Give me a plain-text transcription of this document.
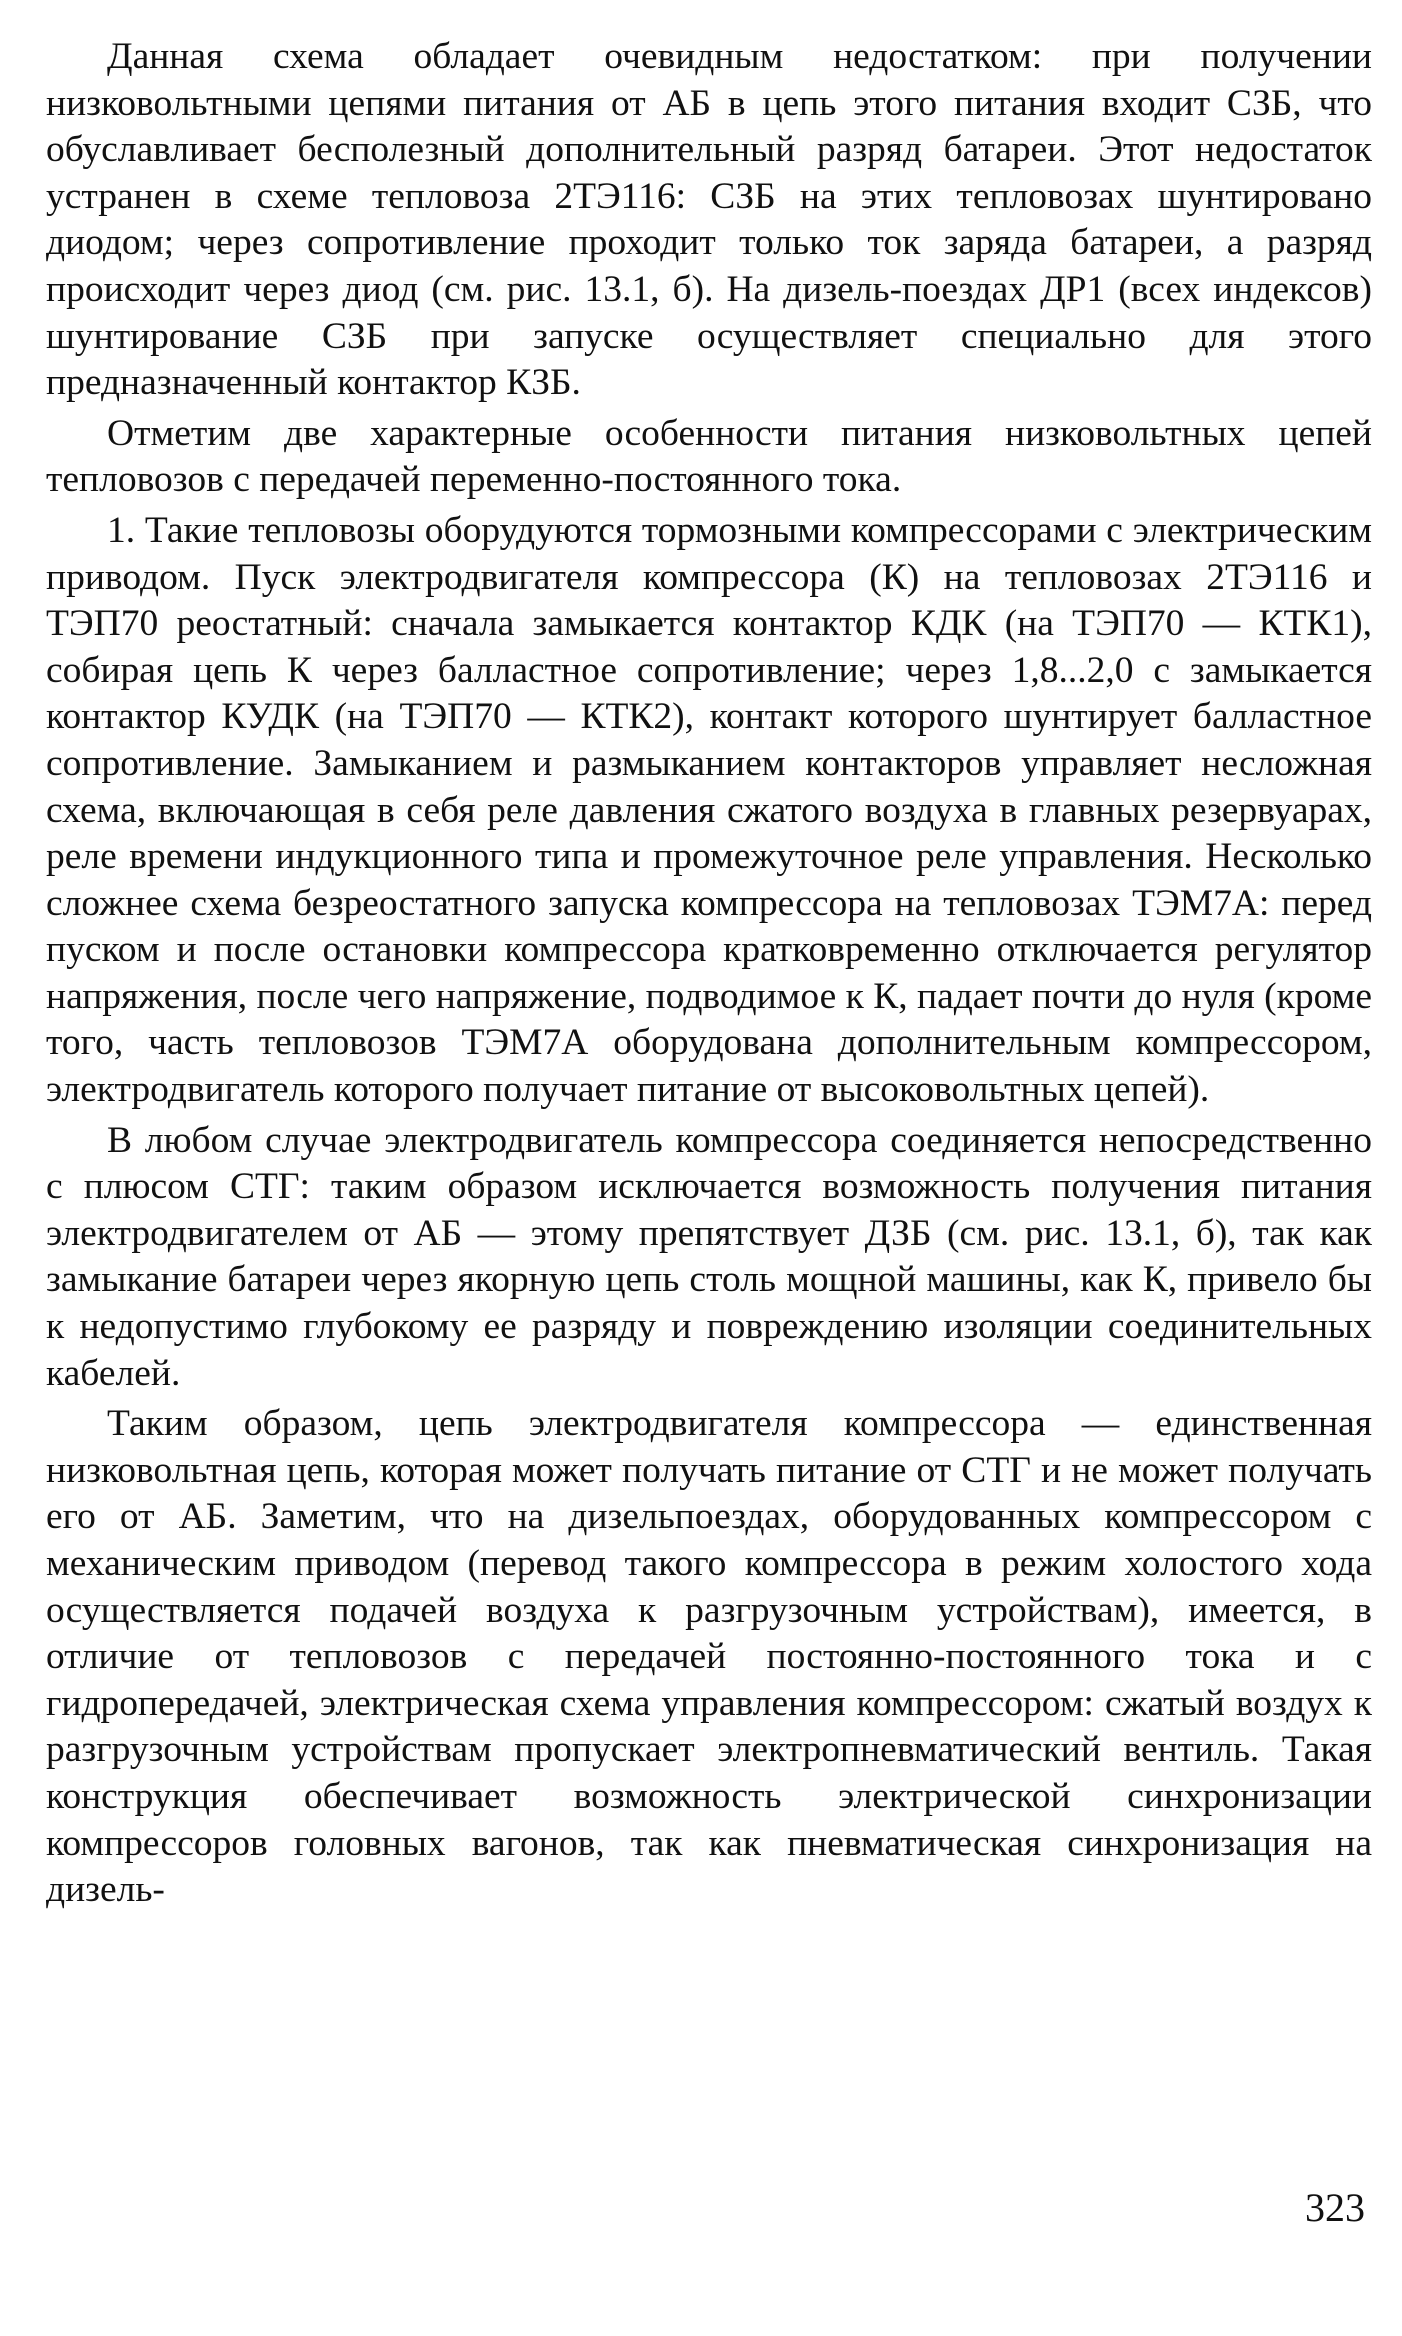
Данная схема обладает очевидным недостатком: при получении низковольтными цепями питания от АБ в цепь этого питания входит СЗБ, что обуславливает бесполезный дополнительный разряд батареи. Этот недостаток устранен в схеме тепловоза 2ТЭ116: СЗБ на этих тепловозах шунтировано диодом; через сопротивление проходит только ток заряда батареи, а разряд происходит через диод (см. рис. 13.1, б). На дизель-поездах ДР1 (всех индексов) шунтирование СЗБ при запуске осуществляет специально для этого предназначенный контактор КЗБ.

Отметим две характерные особенности питания низковольтных цепей тепловозов с передачей переменно-постоянного тока.

1. Такие тепловозы оборудуются тормозными компрессорами с электрическим приводом. Пуск электродвигателя компрессора (К) на тепловозах 2ТЭ116 и ТЭП70 реостатный: сначала замыкается контактор КДК (на ТЭП70 — КТК1), собирая цепь К через балластное сопротивление; через 1,8...2,0 с замыкается контактор КУДК (на ТЭП70 — КТК2), контакт которого шунтирует балластное сопротивление. Замыканием и размыканием контакторов управляет несложная схема, включающая в себя реле давления сжатого воздуха в главных резервуарах, реле времени индукционного типа и промежуточное реле управления. Несколько сложнее схема безреостатного запуска компрессора на тепловозах ТЭМ7А: перед пуском и после остановки компрессора кратковременно отключается регулятор напряжения, после чего напряжение, подводимое к К, падает почти до нуля (кроме того, часть тепловозов ТЭМ7А оборудована дополнительным компрессором, электродвигатель которого получает питание от высоковольтных цепей).

В любом случае электродвигатель компрессора соединяется непосредственно с плюсом СТГ: таким образом исключается возможность получения питания электродвигателем от АБ — этому препятствует ДЗБ (см. рис. 13.1, б), так как замыкание батареи через якорную цепь столь мощной машины, как К, привело бы к недопустимо глубокому ее разряду и повреждению изоляции соединительных кабелей.

Таким образом, цепь электродвигателя компрессора — единственная низковольтная цепь, которая может получать питание от СТГ и не может получать его от АБ. Заметим, что на дизельпоездах, оборудованных компрессором с механическим приводом (перевод такого компрессора в режим холостого хода осуществляется подачей воздуха к разгрузочным устройствам), имеется, в отличие от тепловозов с передачей постоянно-постоянного тока и с гидропередачей, электрическая схема управления компрессором: сжатый воздух к разгрузочным устройствам пропускает электропневматический вентиль. Такая конструкция обеспечивает возможность электрической синхронизации компрессоров головных вагонов, так как пневматическая синхронизация на дизель-

323
